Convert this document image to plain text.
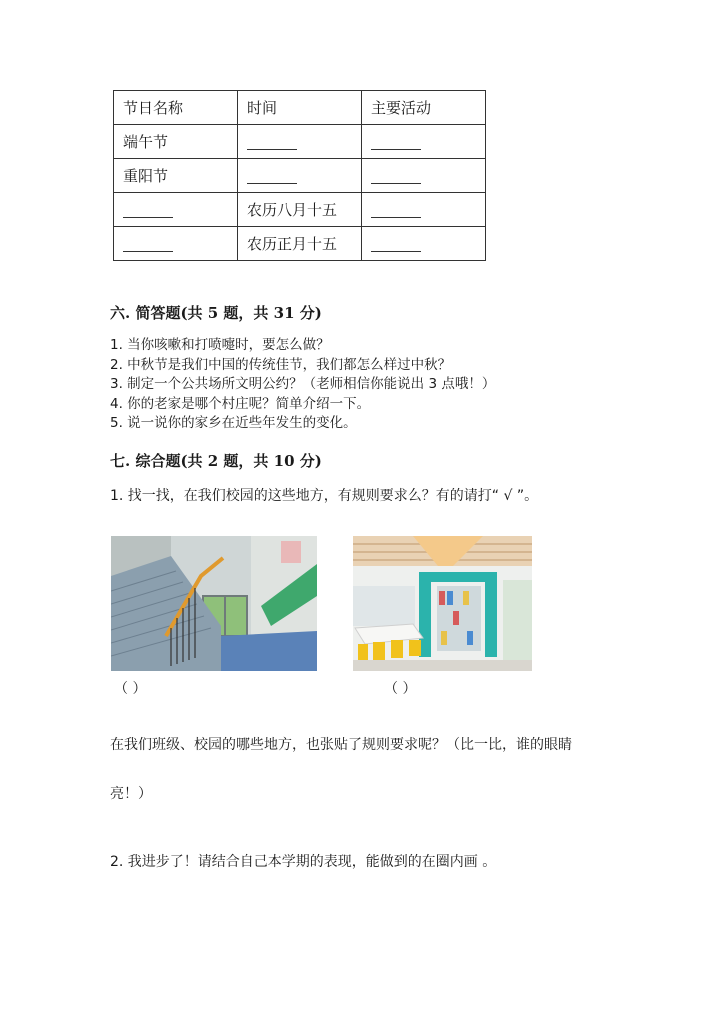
节日名称	时间	主要活动
端午节		
重阳节		
	农历八月十五	
	农历正月十五	
六. 简答题(共 5 题，共 31 分)
1. 当你咳嗽和打喷嚏时，要怎么做？
2. 中秋节是我们中国的传统佳节，我们都怎么样过中秋？
3. 制定一个公共场所文明公约？（老师相信你能说出 3 点哦！）
4. 你的老家是哪个村庄呢？简单介绍一下。
5. 说一说你的家乡在近些年发生的变化。
七. 综合题(共 2 题，共 10 分)
1. 找一找，在我们校园的这些地方，有规则要求么？有的请打“ √ ”。
（ ）	（ ）
在我们班级、校园的哪些地方，也张贴了规则要求呢？（比一比，谁的眼睛
亮！）
2. 我进步了！请结合自己本学期的表现，能做到的在圈内画 。
